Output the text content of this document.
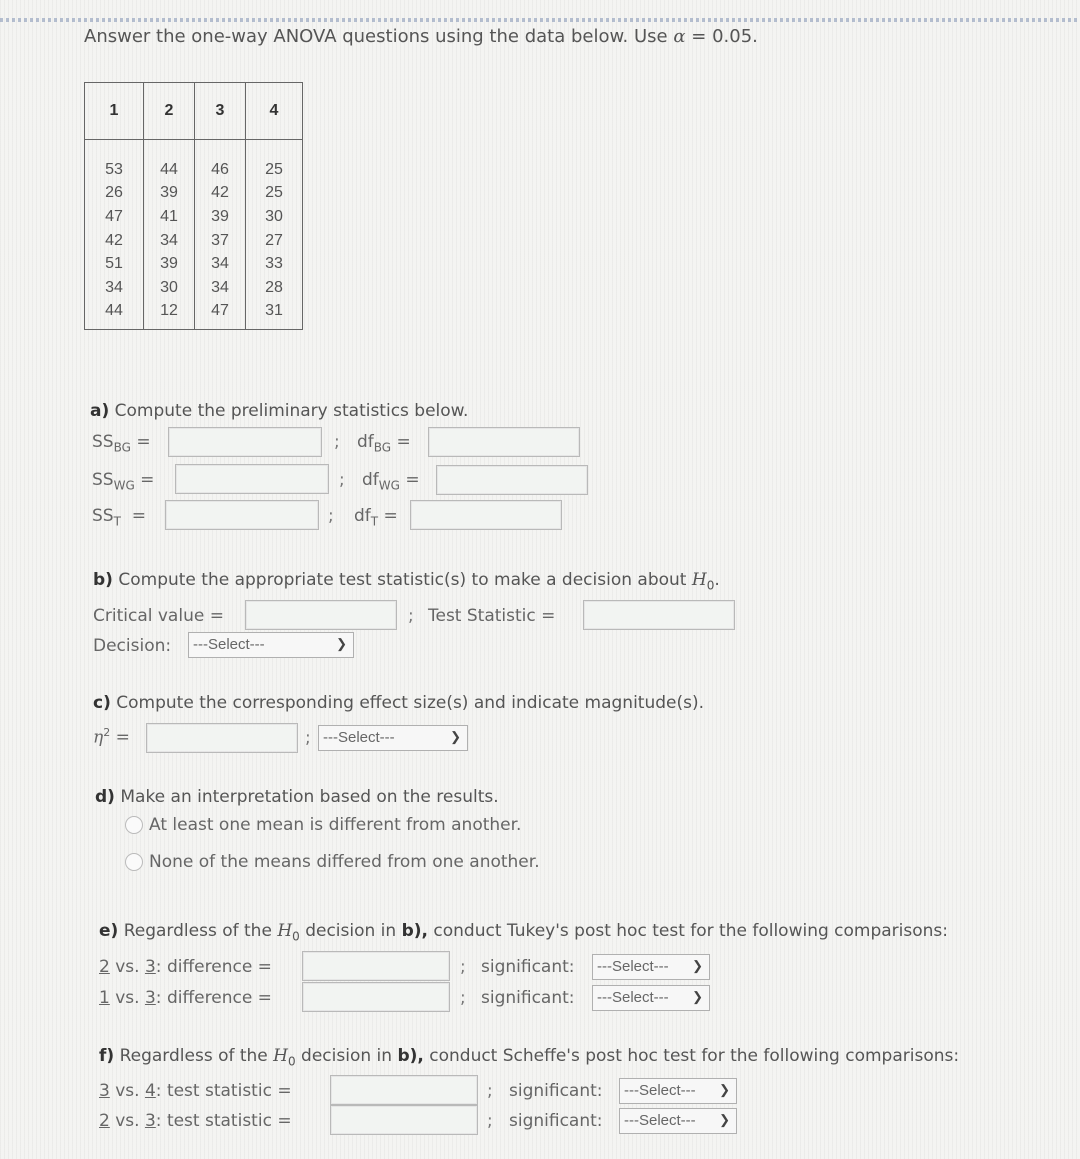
Answer the one-way ANOVA questions using the data below. Use α = 0.05.
1	2	3	4

53	44	46	25
26	39	42	25
47	41	39	30
42	34	37	27
51	39	34	33
34	30	34	28
44	12	47	31
a) Compute the preliminary statistics below.
$SS_{BG}$ =	; $df_{BG}$ =
$SS_{WG}$ =	; $df_{WG}$ =
$SS_T$ =	; $df_T$ =
b) Compute the appropriate test statistic(s) to make a decision about $H_0$.
Critical value =	; Test Statistic =
Decision:	---Select---	❯
c) Compute the corresponding effect size(s) and indicate magnitude(s).
$\eta^2$ =	; ---Select---	❯
d) Make an interpretation based on the results.
At least one mean is different from another.
None of the means differed from one another.
e) Regardless of the $H_0$ decision in b), conduct Tukey's post hoc test for the following comparisons:
2 vs. 3: difference =	; significant:	---Select--- ❯
1 vs. 3: difference =	; significant:	---Select--- ❯
f) Regardless of the $H_0$ decision in b), conduct Scheffe's post hoc test for the following comparisons:
3 vs. 4: test statistic =	; significant:	---Select--- ❯
2 vs. 3: test statistic =	; significant:	---Select--- ❯
